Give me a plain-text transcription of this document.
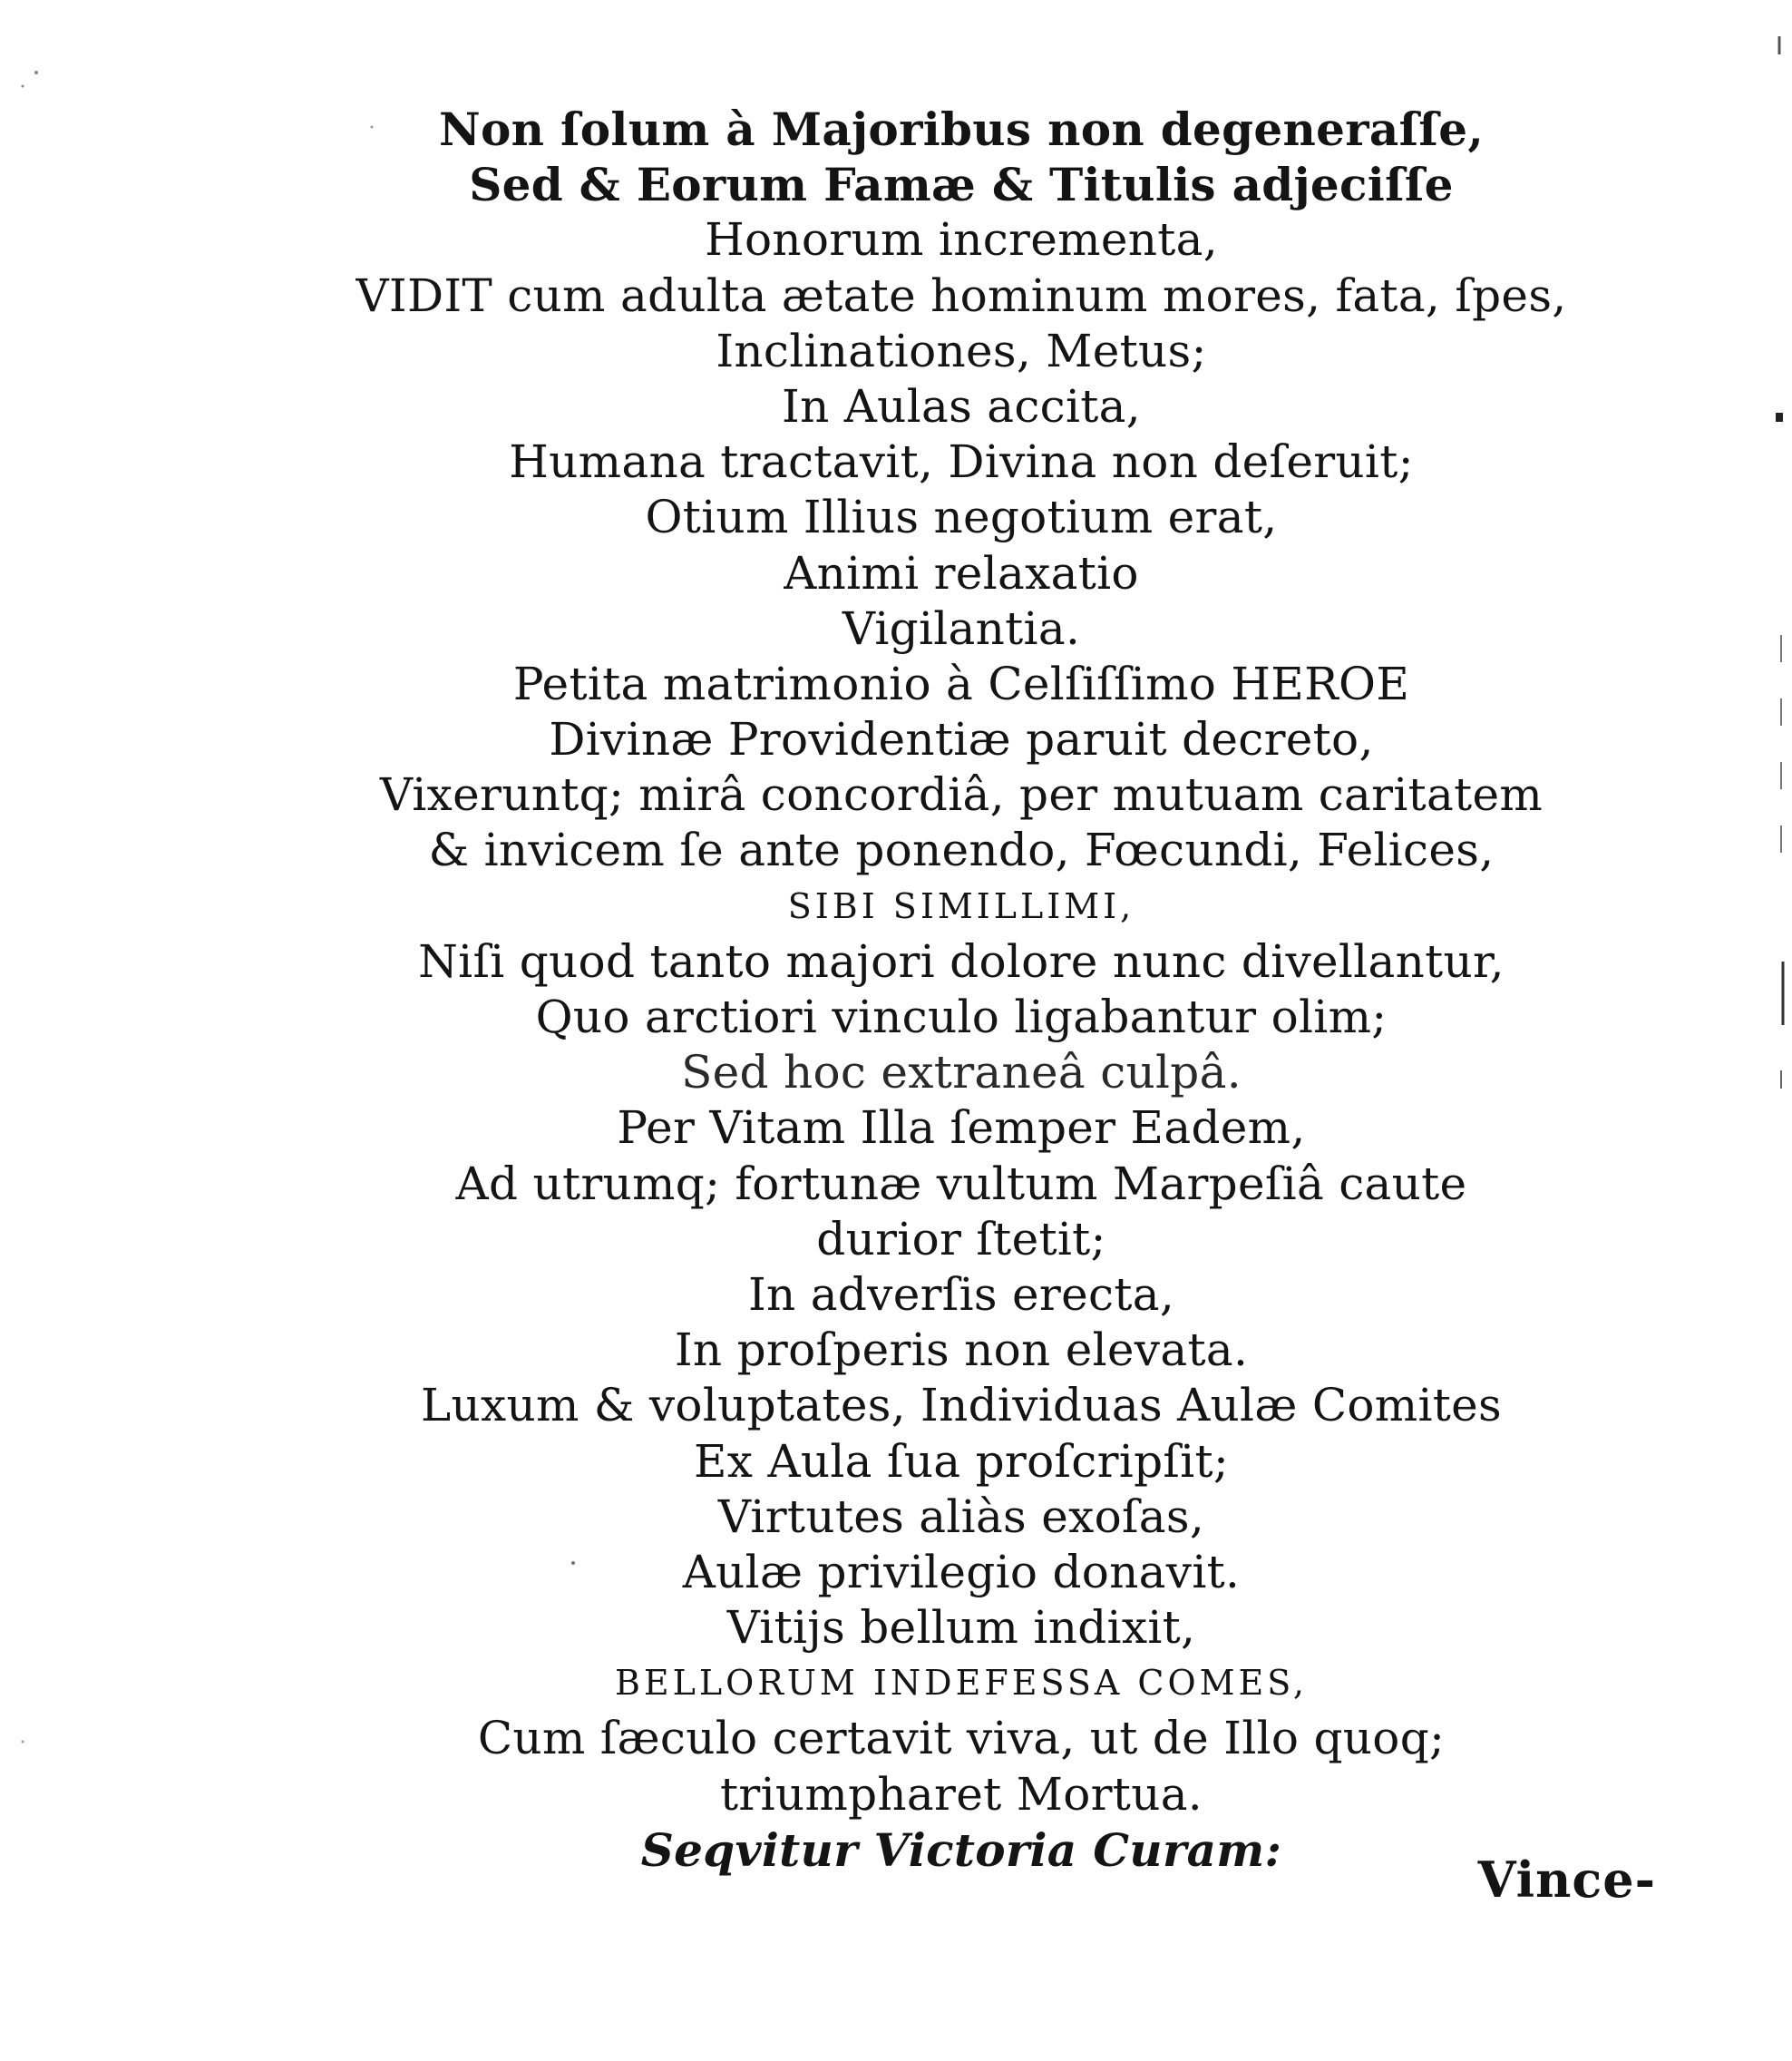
Non ſolum à Majoribus non degeneraſſe,
Sed & Eorum Famæ & Titulis adjeciſſe
Honorum incrementa,
VIDIT cum adulta ætate hominum mores, fata, ſpes,
Inclinationes, Metus;
In Aulas accita,
Humana tractavit, Divina non deſeruit;
Otium Illius negotium erat,
Animi relaxatio
Vigilantia.
Petita matrimonio à Celſiſſimo HEROE
Divinæ Providentiæ paruit decreto,
Vixeruntq; mirâ concordiâ, per mutuam caritatem
& invicem ſe ante ponendo, Fœcundi, Felices,
SIBI SIMILLIMI,
Niſi quod tanto majori dolore nunc divellantur,
Quo arctiori vinculo ligabantur olim;
Sed hoc extraneâ culpâ.
Per Vitam Illa ſemper Eadem,
Ad utrumq; fortunæ vultum Marpeſiâ caute
durior ſtetit;
In adverſis erecta,
In proſperis non elevata.
Luxum & voluptates, Individuas Aulæ Comites
Ex Aula ſua proſcripſit;
Virtutes aliàs exoſas,
Aulæ privilegio donavit.
Vitijs bellum indixit,
BELLORUM INDEFESSA COMES,
Cum ſæculo certavit viva, ut de Illo quoq;
triumpharet Mortua.
Seqvitur Victoria Curam:
Vince-
